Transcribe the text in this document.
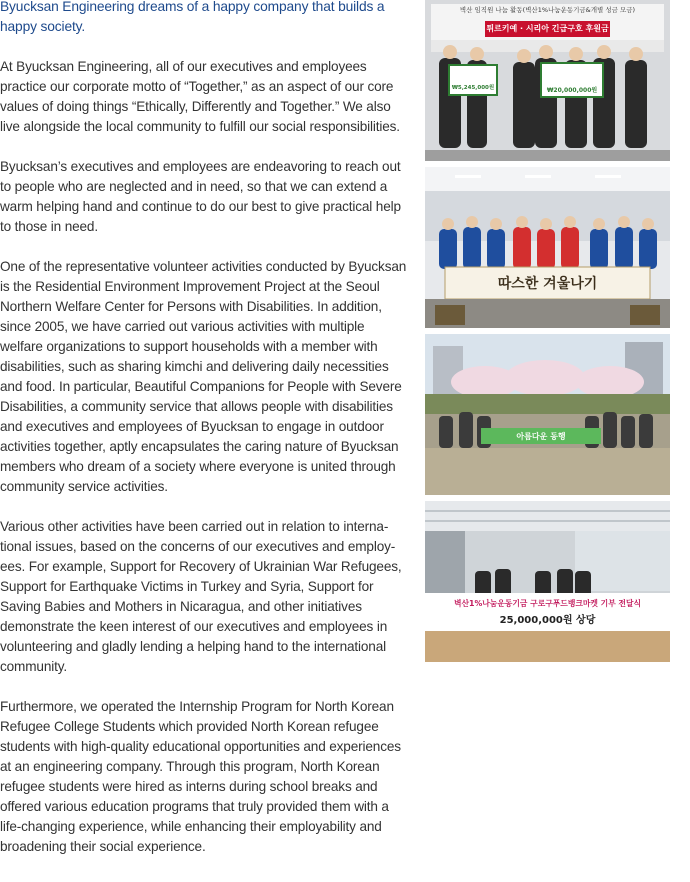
Byucksan Engineering dreams of a happy company that builds a happy society.

At Byucksan Engineering, all of our executives and employees practice our corporate motto of “Together,” as an aspect of our core values of doing things “Ethically, Differently and Together.” We also live alongside the local community to fulfill our social responsibilities.

Byucksan’s executives and employees are endeavoring to reach out to people who are neglected and in need, so that we can extend a warm helping hand and continue to do our best to give practical help to those in need.

One of the representative volunteer activities conducted by Byucksan is the Residential Environment Improvement Project at the Seoul Northern Welfare Center for Persons with Disabilities. In addition, since 2005, we have carried out various activities with multiple welfare organizations to support households with a member with disabilities, such as sharing kimchi and delivering daily necessities and food. In particular, Beautiful Companions for People with Severe Disabilities, a community service that allows people with disabilities and executives and employees of Byucksan to engage in outdoor activities together, aptly encapsulates the caring nature of Byucksan members who dream of a society where everyone is united through community service activities.

Various other activities have been carried out in relation to international issues, based on the concerns of our executives and employees. For example, Support for Recovery of Ukrainian War Refugees, Support for Earthquake Victims in Turkey and Syria, Support for Saving Babies and Mothers in Nicaragua, and other initiatives demonstrate the keen interest of our executives and employees in volunteering and gladly lending a helping hand to the international community.

Furthermore, we operated the Internship Program for North Korean Refugee College Students which provided North Korean refugee students with high-quality educational opportunities and experiences at an engineering company. Through this program, North Korean refugee students were hired as interns during school breaks and offered various education programs that truly provided them with a life-changing experience, while enhancing their employability and broadening their social experience.

벽산 임직원 나눔 활동(벽산1%나눔운동기금&개별 성금 모금)
튀르키예 · 시리아 긴급구호 후원금
₩5,245,000원	₩20,000,000원
따스한 겨울나기
아름다운 동행
벽산1%나눔운동기금 구로구푸드뱅크마켓 기부 전달식
25,000,000원 상당
